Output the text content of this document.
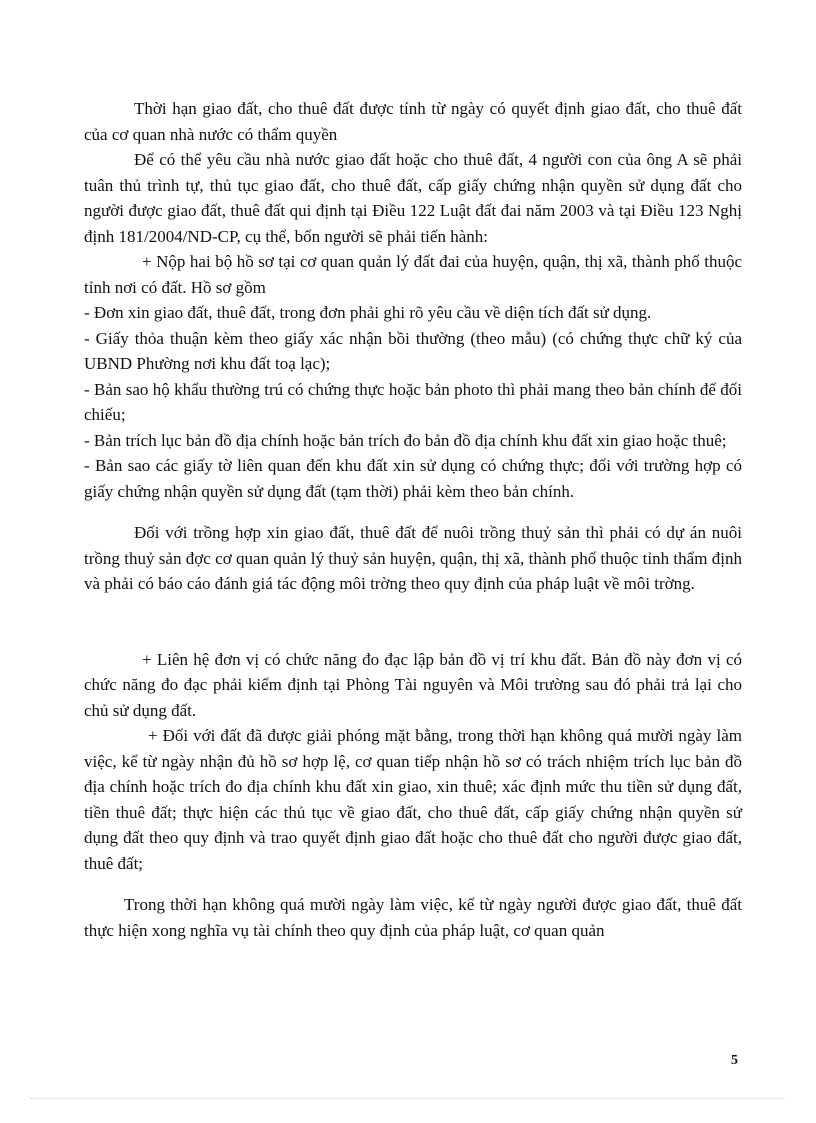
Thời hạn giao đất, cho thuê đất được tính từ ngày có quyết định giao đất, cho thuê đất của cơ quan nhà nước có thẩm quyền

Để có thể yêu cầu nhà nước giao đất hoặc cho thuê đất, 4 người con của ông A sẽ phải tuân thủ trình tự, thủ tục giao đất, cho thuê đất, cấp giấy chứng nhận quyền sử dụng đất cho người được giao đất, thuê đất qui định tại Điều 122 Luật đất đai năm 2003 và tại Điều 123 Nghị định 181/2004/ND-CP, cụ thể, bốn người sẽ phải tiến hành:

+ Nộp hai bộ hồ sơ tại cơ quan quản lý đất đai của huyện, quận, thị xã, thành phố thuộc tỉnh nơi có đất. Hồ sơ gồm

- Đơn xin giao đất, thuê đất, trong đơn phải ghi rõ yêu cầu về diện tích đất sử dụng.

- Giấy thỏa thuận kèm theo giấy xác nhận bồi thường (theo mẫu) (có chứng thực chữ ký của UBND Phường nơi khu đất toạ lạc);

- Bản sao hộ khẩu thường trú có chứng thực hoặc bản photo thì phải mang theo bản chính để đối chiếu;

- Bản trích lục bản đồ địa chính hoặc bản trích đo bản đồ địa chính khu đất xin giao hoặc thuê;

- Bản sao các giấy tờ liên quan đến khu đất xin sử dụng có chứng thực; đối với trường hợp có giấy chứng nhận quyền sử dụng đất (tạm thời) phải kèm theo bản chính.

Đối với trồng hợp xin giao đất, thuê đất để nuôi trồng thuỷ sản thì phải có dự án nuôi trồng thuỷ sản đợc cơ quan quản lý thuỷ sản huyện, quận, thị xã, thành phố thuộc tỉnh thẩm định và phải có báo cáo đánh giá tác động môi trờng theo quy định của pháp luật về môi trờng.

+ Liên hệ đơn vị có chức năng đo đạc lập bản đồ vị trí khu đất. Bản đồ này đơn vị có chức năng đo đạc phải kiểm định tại Phòng Tài nguyên và Môi trường sau đó phải trả lại cho chủ sử dụng đất.

+ Đối với đất đã được giải phóng mặt bằng, trong thời hạn không quá mười ngày làm việc, kể từ ngày nhận đủ hồ sơ hợp lệ, cơ quan tiếp nhận hồ sơ có trách nhiệm trích lục bản đồ địa chính hoặc trích đo địa chính khu đất xin giao, xin thuê; xác định mức thu tiền sử dụng đất, tiền thuê đất; thực hiện các thủ tục về giao đất, cho thuê đất, cấp giấy chứng nhận quyền sử dụng đất theo quy định và trao quyết định giao đất hoặc cho thuê đất cho người được giao đất, thuê đất;

Trong thời hạn không quá mười ngày làm việc, kể từ ngày người được giao đất, thuê đất thực hiện xong nghĩa vụ tài chính theo quy định của pháp luật, cơ quan quản

5
